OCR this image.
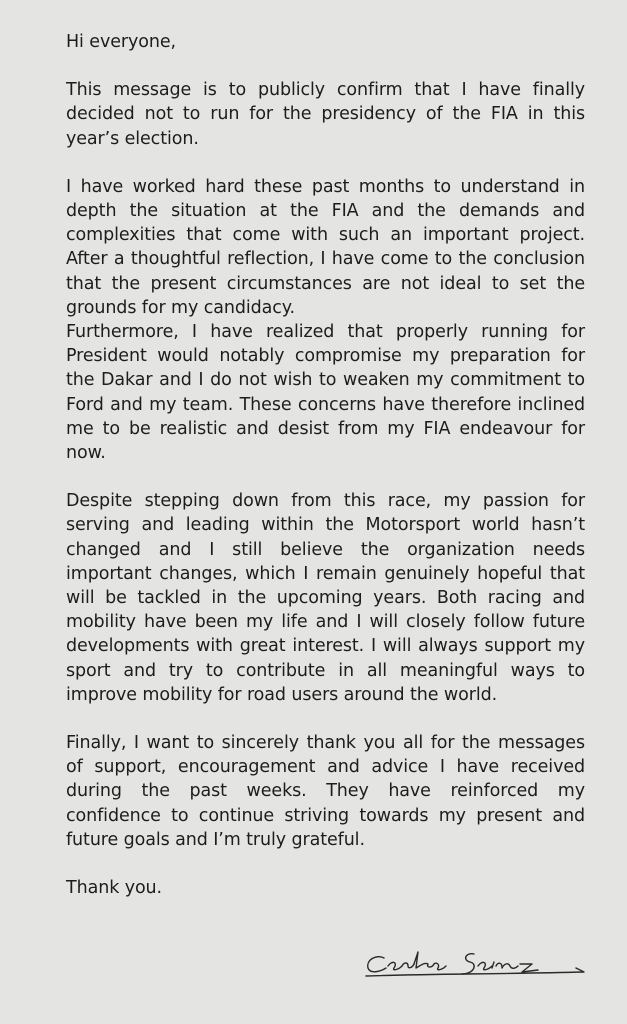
Hi everyone,

This message is to publicly confirm that I have finally decided not to run for the presidency of the FIA in this year’s election.

I have worked hard these past months to understand in depth the situation at the FIA and the demands and complexities that come with such an important project. After a thoughtful reflection, I have come to the conclusion that the present circumstances are not ideal to set the grounds for my candidacy.

Furthermore, I have realized that properly running for President would notably compromise my preparation for the Dakar and I do not wish to weaken my commitment to Ford and my team. These concerns have therefore inclined me to be realistic and desist from my FIA endeavour for now.

Despite stepping down from this race, my passion for serving and leading within the Motorsport world hasn’t changed and I still believe the organization needs important changes, which I remain genuinely hopeful that will be tackled in the upcoming years. Both racing and mobility have been my life and I will closely follow future developments with great interest. I will always support my sport and try to contribute in all meaningful ways to improve mobility for road users around the world.

Finally, I want to sincerely thank you all for the messages of support, encouragement and advice I have received during the past weeks. They have reinforced my confidence to continue striving towards my present and future goals and I’m truly grateful.

Thank you.
